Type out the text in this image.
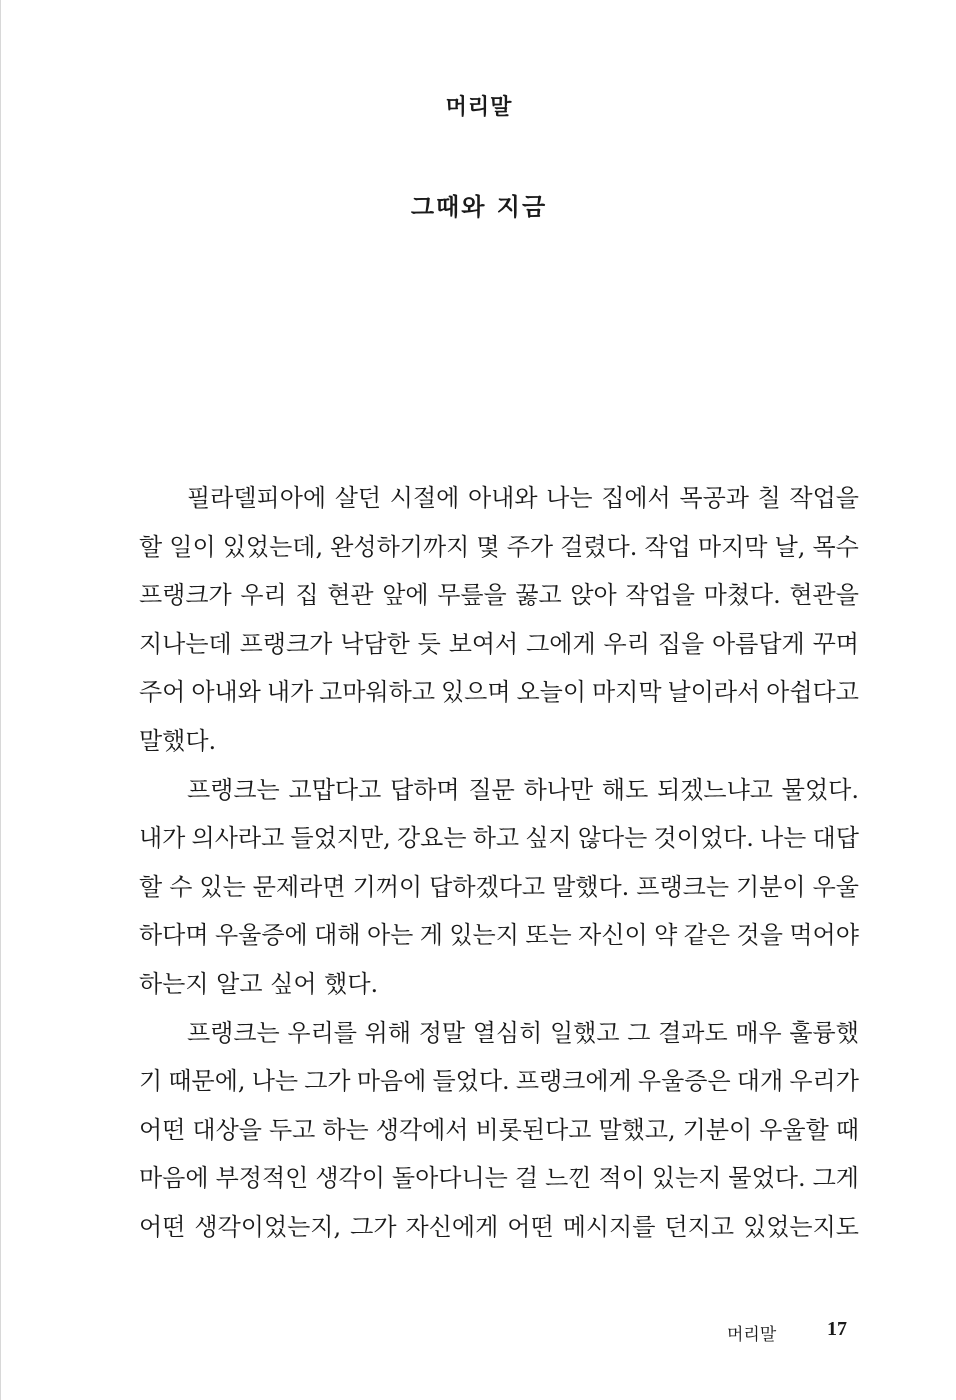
머리말
그때와 지금
필라델피아에 살던 시절에 아내와 나는 집에서 목공과 칠 작업을
할 일이 있었는데, 완성하기까지 몇 주가 걸렸다. 작업 마지막 날, 목수
프랭크가 우리 집 현관 앞에 무릎을 꿇고 앉아 작업을 마쳤다. 현관을
지나는데 프랭크가 낙담한 듯 보여서 그에게 우리 집을 아름답게 꾸며
주어 아내와 내가 고마워하고 있으며 오늘이 마지막 날이라서 아쉽다고
말했다.
프랭크는 고맙다고 답하며 질문 하나만 해도 되겠느냐고 물었다.
내가 의사라고 들었지만, 강요는 하고 싶지 않다는 것이었다. 나는 대답
할 수 있는 문제라면 기꺼이 답하겠다고 말했다. 프랭크는 기분이 우울
하다며 우울증에 대해 아는 게 있는지 또는 자신이 약 같은 것을 먹어야
하는지 알고 싶어 했다.
프랭크는 우리를 위해 정말 열심히 일했고 그 결과도 매우 훌륭했
기 때문에, 나는 그가 마음에 들었다. 프랭크에게 우울증은 대개 우리가
어떤 대상을 두고 하는 생각에서 비롯된다고 말했고, 기분이 우울할 때
마음에 부정적인 생각이 돌아다니는 걸 느낀 적이 있는지 물었다. 그게
어떤 생각이었는지, 그가 자신에게 어떤 메시지를 던지고 있었는지도
머리말	17
